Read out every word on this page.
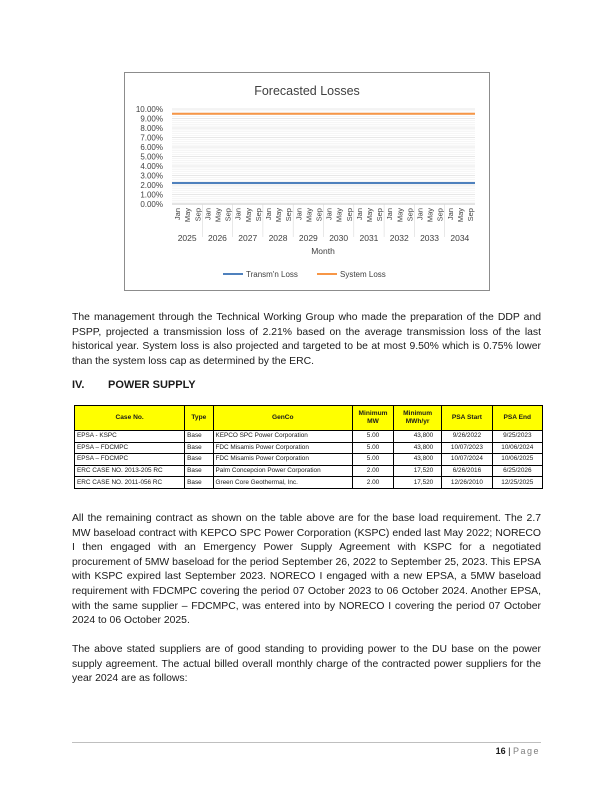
Forecasted Losses
10.00%
9.00%
8.00%
7.00%
6.00%
5.00%
4.00%
3.00%
2.00%
1.00%
0.00%
Jan May Sep
2025
Jan May Sep
2026
Jan May Sep
2027
Jan May Sep
2028
Jan May Sep
2029
Jan May Sep
2030
Jan May Sep
2031
Jan May Sep
2032
Jan May Sep
2033
Jan May Sep
2034
Month
Transm'n Loss	System Loss

The management through the Technical Working Group who made the preparation of the DDP and PSPP, projected a transmission loss of 2.21% based on the average transmission loss of the last historical year. System loss is also projected and targeted to be at most 9.50% which is 0.75% lower than the system loss cap as determined by the ERC.

IV. POWER SUPPLY
Case No.	Type	GenCo	Minimum MW	Minimum MWh/yr	PSA Start	PSA End
EPSA - KSPC	Base	KEPCO SPC Power Corporation	5.00	43,800	9/26/2022	9/25/2023
EPSA – FDCMPC	Base	FDC Misamis Power Corporation	5.00	43,800	10/07/2023	10/06/2024
EPSA – FDCMPC	Base	FDC Misamis Power Corporation	5.00	43,800	10/07/2024	10/06/2025
ERC CASE NO. 2013-205 RC	Base	Palm Concepcion Power Corporation	2.00	17,520	6/26/2016	6/25/2026
ERC CASE NO. 2011-056 RC	Base	Green Core Geothermal, Inc.	2.00	17,520	12/26/2010	12/25/2025

All the remaining contract as shown on the table above are for the base load requirement. The 2.7 MW baseload contract with KEPCO SPC Power Corporation (KSPC) ended last May 2022; NORECO I then engaged with an Emergency Power Supply Agreement with KSPC for a negotiated procurement of 5MW baseload for the period September 26, 2022 to September 25, 2023. This EPSA with KSPC expired last September 2023. NORECO I engaged with a new EPSA, a 5MW baseload requirement with FDCMPC covering the period 07 October 2023 to 06 October 2024. Another EPSA, with the same supplier – FDCMPC, was entered into by NORECO I covering the period 07 October 2024 to 06 October 2025.

The above stated suppliers are of good standing to providing power to the DU base on the power supply agreement. The actual billed overall monthly charge of the contracted power suppliers for the year 2024 are as follows:

16 | Page
